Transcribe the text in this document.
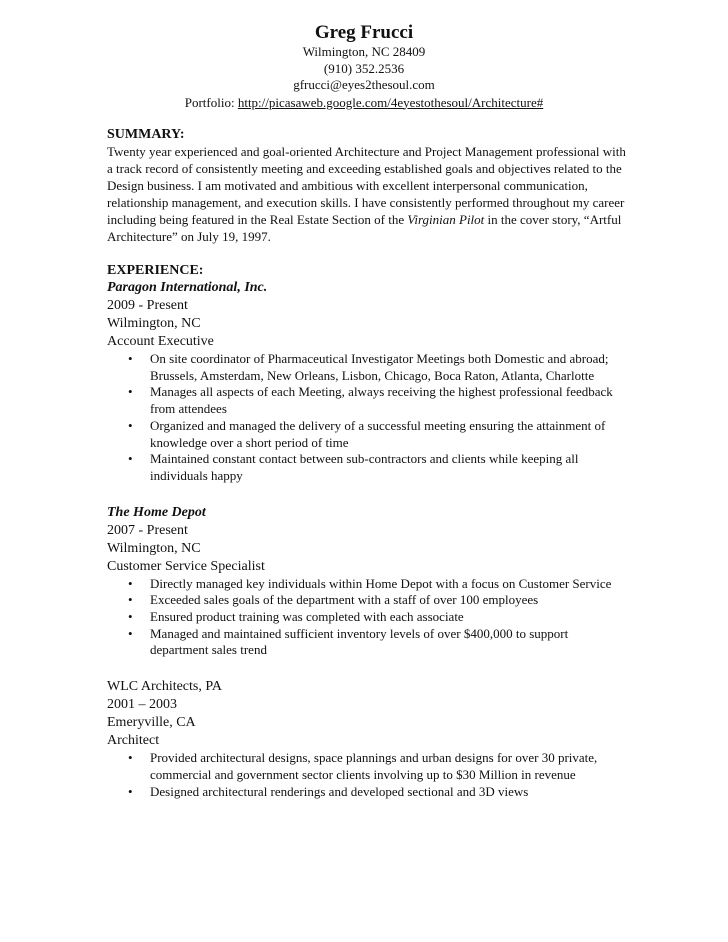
Greg Frucci
Wilmington, NC 28409
(910) 352.2536
gfrucci@eyes2thesoul.com
Portfolio: http://picasaweb.google.com/4eyestothesoul/Architecture#
SUMMARY:
Twenty year experienced and goal-oriented Architecture and Project Management professional with a track record of consistently meeting and exceeding established goals and objectives related to the Design business. I am motivated and ambitious with excellent interpersonal communication, relationship management, and execution skills. I have consistently performed throughout my career including being featured in the Real Estate Section of the Virginian Pilot in the cover story, “Artful Architecture” on July 19, 1997.
EXPERIENCE:
Paragon International, Inc.
2009 - Present
Wilmington, NC
Account Executive
• On site coordinator of Pharmaceutical Investigator Meetings both Domestic and abroad; Brussels, Amsterdam, New Orleans, Lisbon, Chicago, Boca Raton, Atlanta, Charlotte
• Manages all aspects of each Meeting, always receiving the highest professional feedback from attendees
• Organized and managed the delivery of a successful meeting ensuring the attainment of knowledge over a short period of time
• Maintained constant contact between sub-contractors and clients while keeping all individuals happy
The Home Depot
2007 - Present
Wilmington, NC
Customer Service Specialist
• Directly managed key individuals within Home Depot with a focus on Customer Service
• Exceeded sales goals of the department with a staff of over 100 employees
• Ensured product training was completed with each associate
• Managed and maintained sufficient inventory levels of over $400,000 to support department sales trend
WLC Architects, PA
2001 – 2003
Emeryville, CA
Architect
• Provided architectural designs, space plannings and urban designs for over 30 private, commercial and government sector clients involving up to $30 Million in revenue
• Designed architectural renderings and developed sectional and 3D views
